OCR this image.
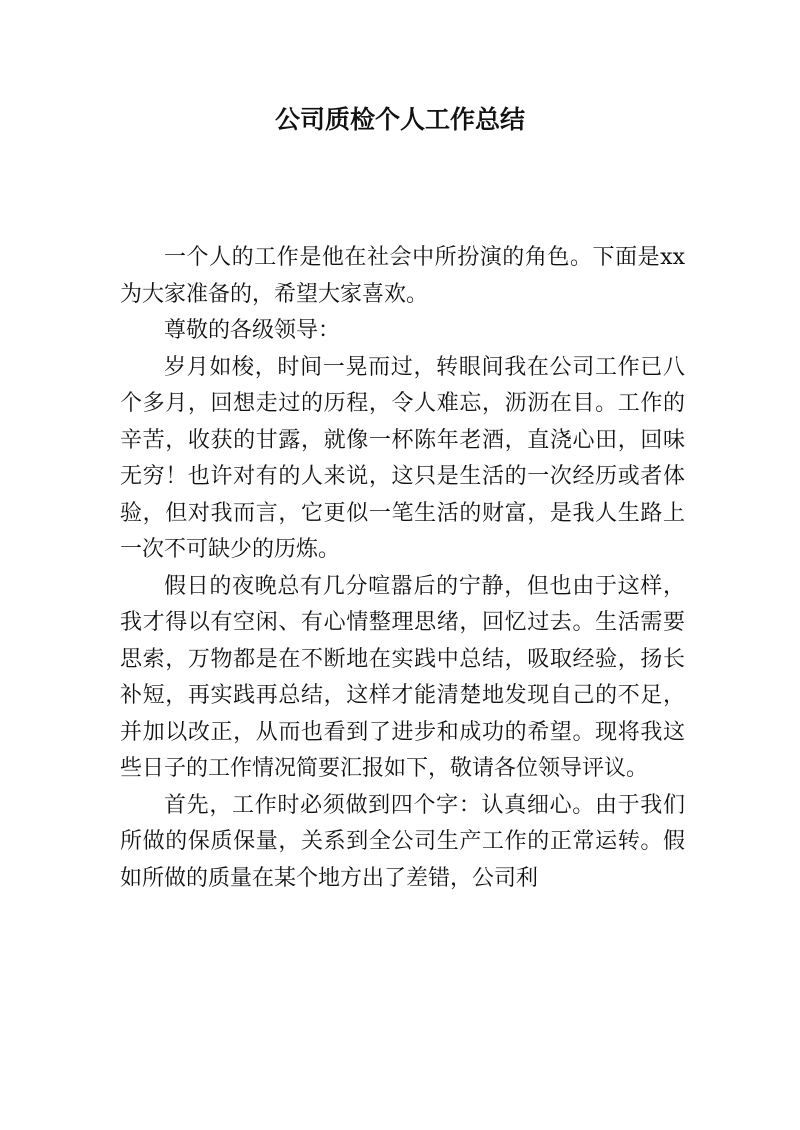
公司质检个人工作总结

一个人的工作是他在社会中所扮演的角色。下面是xx为大家准备的，希望大家喜欢。

尊敬的各级领导：

岁月如梭，时间一晃而过，转眼间我在公司工作已八个多月，回想走过的历程，令人难忘，沥沥在目。工作的辛苦，收获的甘露，就像一杯陈年老酒，直浇心田，回味无穷！也许对有的人来说，这只是生活的一次经历或者体验，但对我而言，它更似一笔生活的财富，是我人生路上一次不可缺少的历炼。

假日的夜晚总有几分喧嚣后的宁静，但也由于这样，我才得以有空闲、有心情整理思绪，回忆过去。生活需要思索，万物都是在不断地在实践中总结，吸取经验，扬长补短，再实践再总结，这样才能清楚地发现自己的不足，并加以改正，从而也看到了进步和成功的希望。现将我这些日子的工作情况简要汇报如下，敬请各位领导评议。

首先，工作时必须做到四个字：认真细心。由于我们所做的保质保量，关系到全公司生产工作的正常运转。假如所做的质量在某个地方出了差错，公司利
